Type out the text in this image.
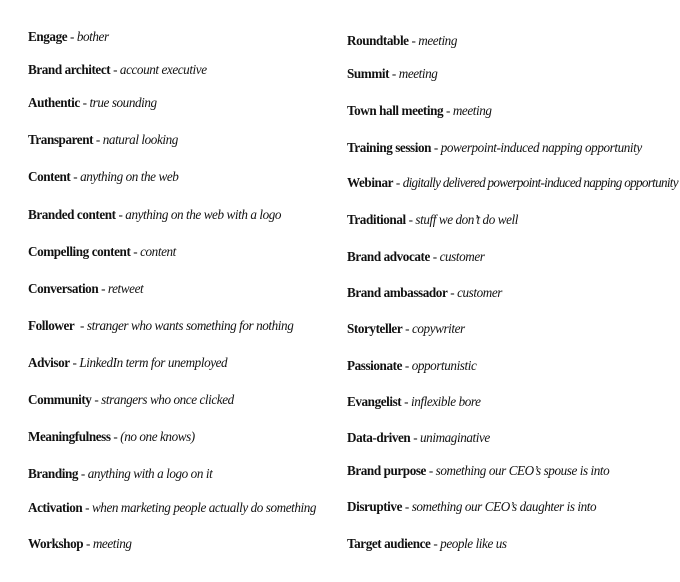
Engage - bother
Brand architect - account executive
Authentic - true sounding
Transparent - natural looking
Content - anything on the web
Branded content - anything on the web with a logo
Compelling content - content
Conversation - retweet
Follower  - stranger who wants something for nothing
Advisor - LinkedIn term for unemployed
Community - strangers who once clicked
Meaningfulness - (no one knows)
Branding - anything with a logo on it
Activation - when marketing people actually do something
Workshop - meeting
Roundtable - meeting
Summit - meeting
Town hall meeting - meeting
Training session - powerpoint-induced napping opportunity
Webinar - digitally delivered powerpoint-induced napping opportunity
Traditional - stuff we don’t do well
Brand advocate - customer
Brand ambassador - customer
Storyteller - copywriter
Passionate - opportunistic
Evangelist - inflexible bore
Data-driven - unimaginative
Brand purpose - something our CEO’s spouse is into
Disruptive - something our CEO’s daughter is into
Target audience - people like us
